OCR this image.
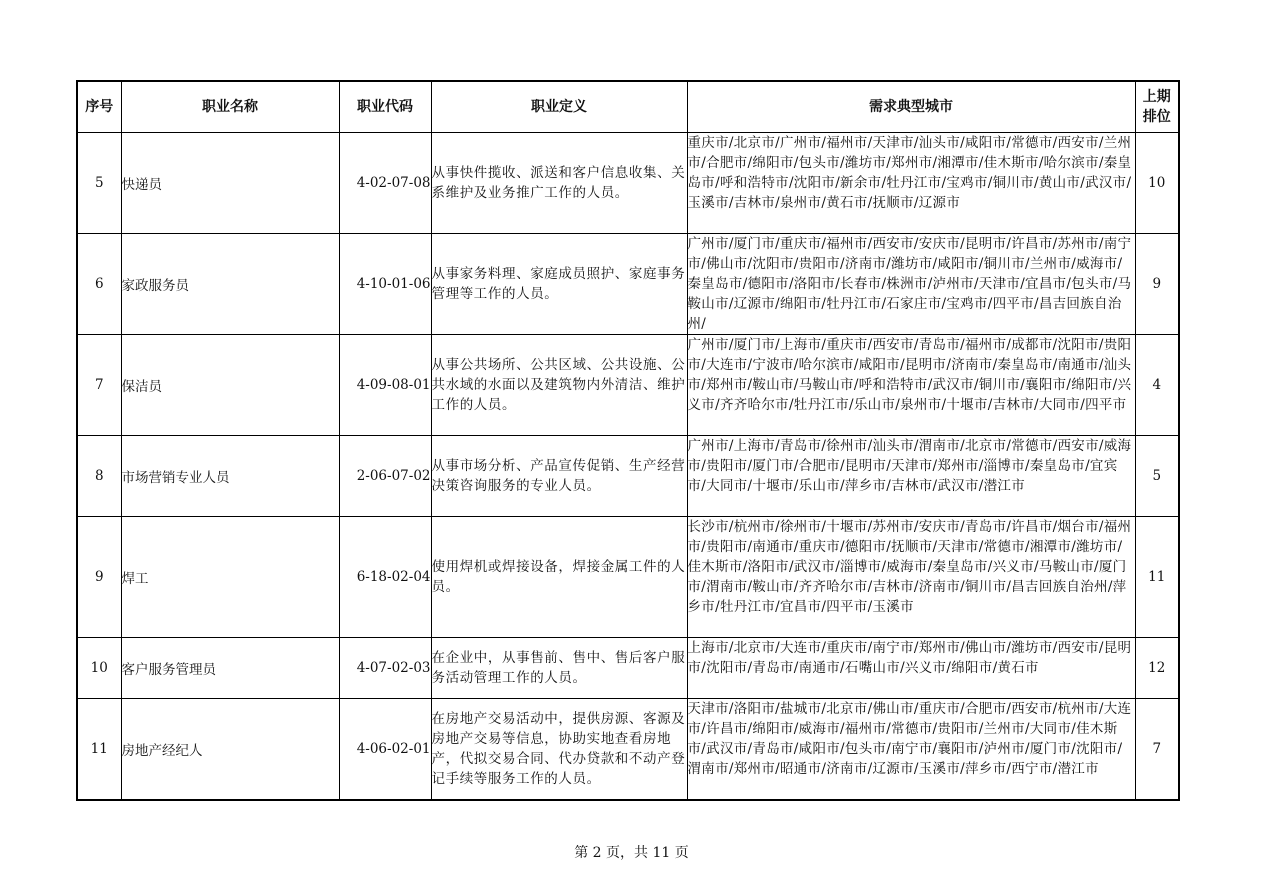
序号	职业名称	职业代码	职业定义	需求典型城市	上期排位

5	快递员	4-02-07-08	从事快件揽收、派送和客户信息收集、关系维护及业务推广工作的人员。	重庆市/北京市/广州市/福州市/天津市/汕头市/咸阳市/常德市/西安市/兰州市/合肥市/绵阳市/包头市/潍坊市/郑州市/湘潭市/佳木斯市/哈尔滨市/秦皇岛市/呼和浩特市/沈阳市/新余市/牡丹江市/宝鸡市/铜川市/黄山市/武汉市/玉溪市/吉林市/泉州市/黄石市/抚顺市/辽源市	10
6	家政服务员	4-10-01-06	从事家务料理、家庭成员照护、家庭事务管理等工作的人员。	广州市/厦门市/重庆市/福州市/西安市/安庆市/昆明市/许昌市/苏州市/南宁市/佛山市/沈阳市/贵阳市/济南市/潍坊市/咸阳市/铜川市/兰州市/威海市/秦皇岛市/德阳市/洛阳市/长春市/株洲市/泸州市/天津市/宜昌市/包头市/马鞍山市/辽源市/绵阳市/牡丹江市/石家庄市/宝鸡市/四平市/昌吉回族自治州/	9
7	保洁员	4-09-08-01	从事公共场所、公共区域、公共设施、公共水域的水面以及建筑物内外清洁、维护工作的人员。	广州市/厦门市/上海市/重庆市/西安市/青岛市/福州市/成都市/沈阳市/贵阳市/大连市/宁波市/哈尔滨市/咸阳市/昆明市/济南市/秦皇岛市/南通市/汕头市/郑州市/鞍山市/马鞍山市/呼和浩特市/武汉市/铜川市/襄阳市/绵阳市/兴义市/齐齐哈尔市/牡丹江市/乐山市/泉州市/十堰市/吉林市/大同市/四平市	4
8	市场营销专业人员	2-06-07-02	从事市场分析、产品宣传促销、生产经营决策咨询服务的专业人员。	广州市/上海市/青岛市/徐州市/汕头市/渭南市/北京市/常德市/西安市/威海市/贵阳市/厦门市/合肥市/昆明市/天津市/郑州市/淄博市/秦皇岛市/宜宾市/大同市/十堰市/乐山市/萍乡市/吉林市/武汉市/潜江市	5
9	焊工	6-18-02-04	使用焊机或焊接设备，焊接金属工件的人员。	长沙市/杭州市/徐州市/十堰市/苏州市/安庆市/青岛市/许昌市/烟台市/福州市/贵阳市/南通市/重庆市/德阳市/抚顺市/天津市/常德市/湘潭市/潍坊市/佳木斯市/洛阳市/武汉市/淄博市/威海市/秦皇岛市/兴义市/马鞍山市/厦门市/渭南市/鞍山市/齐齐哈尔市/吉林市/济南市/铜川市/昌吉回族自治州/萍乡市/牡丹江市/宜昌市/四平市/玉溪市	11
10	客户服务管理员	4-07-02-03	在企业中，从事售前、售中、售后客户服务活动管理工作的人员。	上海市/北京市/大连市/重庆市/南宁市/郑州市/佛山市/潍坊市/西安市/昆明市/沈阳市/青岛市/南通市/石嘴山市/兴义市/绵阳市/黄石市	12
11	房地产经纪人	4-06-02-01	在房地产交易活动中，提供房源、客源及房地产交易等信息，协助实地查看房地产，代拟交易合同、代办贷款和不动产登记手续等服务工作的人员。	天津市/洛阳市/盐城市/北京市/佛山市/重庆市/合肥市/西安市/杭州市/大连市/许昌市/绵阳市/威海市/福州市/常德市/贵阳市/兰州市/大同市/佳木斯市/武汉市/青岛市/咸阳市/包头市/南宁市/襄阳市/泸州市/厦门市/沈阳市/渭南市/郑州市/昭通市/济南市/辽源市/玉溪市/萍乡市/西宁市/潜江市	7
第 2 页，共 11 页
